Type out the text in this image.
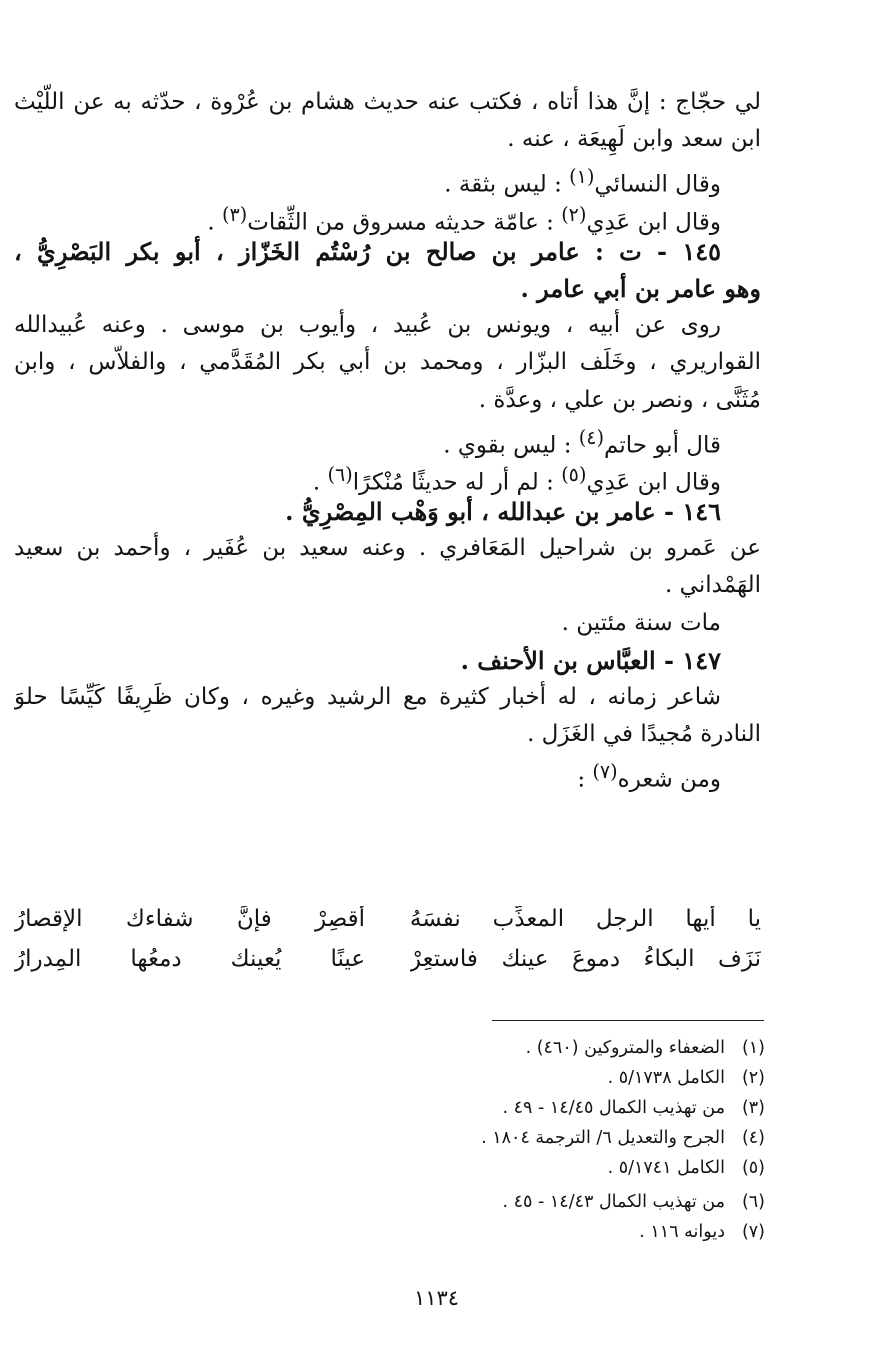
لي حجّاج : إنَّ هذا أتاه ، فكتب عنه حديث هشام بن عُرْوة ، حدّثه به عن اللَّيْث
ابن سعد وابن لَهِيعَة ، عنه .
وقال النسائي$^{(١)}$ : ليس بثقة .
وقال ابن عَدِي$^{(٢)}$ : عامّة حديثه مسروق من الثِّقات$^{(٣)}$ .
١٤٥ - ت : عامر بن صالح بن رُسْتُم الخَزّاز ، أبو بكر البَصْرِيُّ ،
وهو عامر بن أبي عامر .
روى عن أبيه ، ويونس بن عُبيد ، وأيوب بن موسى . وعنه عُبيدالله
القواريري ، وخَلَف البزّار ، ومحمد بن أبي بكر المُقَدَّمي ، والفلاّس ، وابن
مُثَنَّى ، ونصر بن علي ، وعدَّة .
قال أبو حاتم$^{(٤)}$ : ليس بقوي .
وقال ابن عَدِي$^{(٥)}$ : لم أر له حديثًا مُنْكرًا$^{(٦)}$ .
١٤٦ - عامر بن عبدالله ، أبو وَهْب المِصْرِيُّ .
عن عَمرو بن شراحيل المَعَافري . وعنه سعيد بن عُفَير ، وأحمد بن سعيد
الهَمْداني .
مات سنة مئتين .
١٤٧ - العبَّاس بن الأحنف .
شاعر زمانه ، له أخبار كثيرة مع الرشيد وغيره ، وكان ظَرِيفًا كَيِّسًا حلوَ
النادرة مُجيدًا في الغَزَل .
ومن شعره$^{(٧)}$ :
يا أيها الرجل المعذِّب نفسَهُ
أقصِرْ فإنَّ شفاءك الإقصارُ
نَزَف البكاءُ دموعَ عينك فاستعِرْ
عينًا يُعينك دمعُها المِدرارُ
(١)الضعفاء والمتروكين (٤٦٠) .
(٢)الكامل ٥/١٧٣٨ .
(٣)من تهذيب الكمال ١٤/٤٥ - ٤٩ .
(٤)الجرح والتعديل ٦/ الترجمة ١٨٠٤ .
(٥)الكامل ٥/١٧٤١ .
(٦)من تهذيب الكمال ١٤/٤٣ - ٤٥ .
(٧)ديوانه ١١٦ .
١١٣٤
